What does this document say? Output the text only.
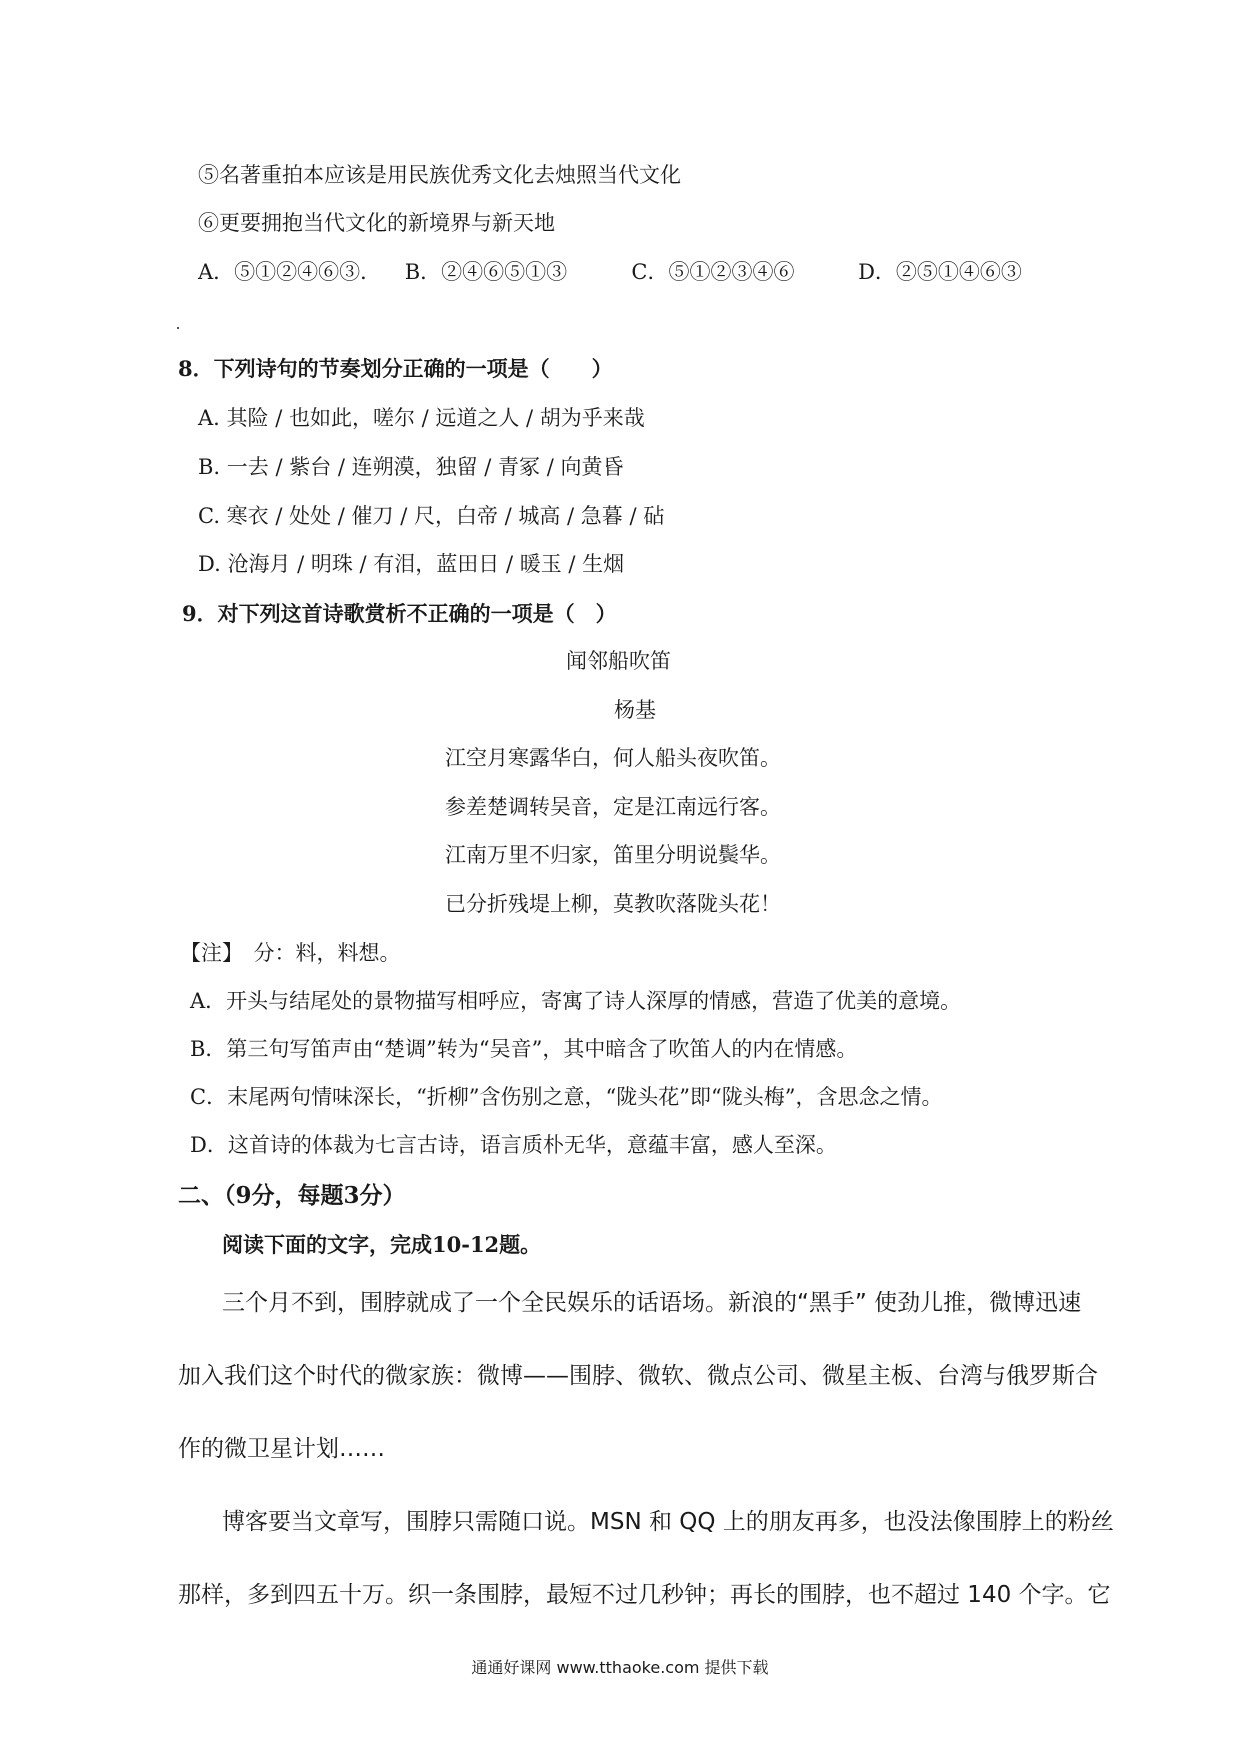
⑤名著重拍本应该是用民族优秀文化去烛照当代文化
⑥更要拥抱当代文化的新境界与新天地
A．⑤①②④⑥③． B．②④⑥⑤①③	C．⑤①②③④⑥	D．②⑤①④⑥③
8．下列诗句的节奏划分正确的一项是（　　）
A. 其险 / 也如此，嗟尔 / 远道之人 / 胡为乎来哉
B. 一去 / 紫台 / 连朔漠，独留 / 青冢 / 向黄昏
C. 寒衣 / 处处 / 催刀 / 尺，白帝 / 城高 / 急暮 / 砧
D. 沧海月 / 明珠 / 有泪，蓝田日 / 暖玉 / 生烟
9．对下列这首诗歌赏析不正确的一项是（　）
闻邻船吹笛
杨基
江空月寒露华白，何人船头夜吹笛。
参差楚调转吴音，定是江南远行客。
江南万里不归家，笛里分明说鬓华。
已分折残堤上柳，莫教吹落陇头花！
【注】　分：料，料想。
A．开头与结尾处的景物描写相呼应，寄寓了诗人深厚的情感，营造了优美的意境。
B．第三句写笛声由“楚调”转为“吴音”，其中暗含了吹笛人的内在情感。
C．末尾两句情味深长，“折柳”含伤别之意，“陇头花”即“陇头梅”，含思念之情。
D．这首诗的体裁为七言古诗，语言质朴无华，意蕴丰富，感人至深。
二、（9分，每题3分）
阅读下面的文字，完成10-12题。
三个月不到，围脖就成了一个全民娱乐的话语场。新浪的“黑手” 使劲儿推，微博迅速
加入我们这个时代的微家族：微博——围脖、微软、微点公司、微星主板、台湾与俄罗斯合
作的微卫星计划……
博客要当文章写，围脖只需随口说。MSN 和 QQ 上的朋友再多，也没法像围脖上的粉丝
那样，多到四五十万。织一条围脖，最短不过几秒钟；再长的围脖，也不超过 140 个字。它
通通好课网 www.tthaoke.com 提供下载
